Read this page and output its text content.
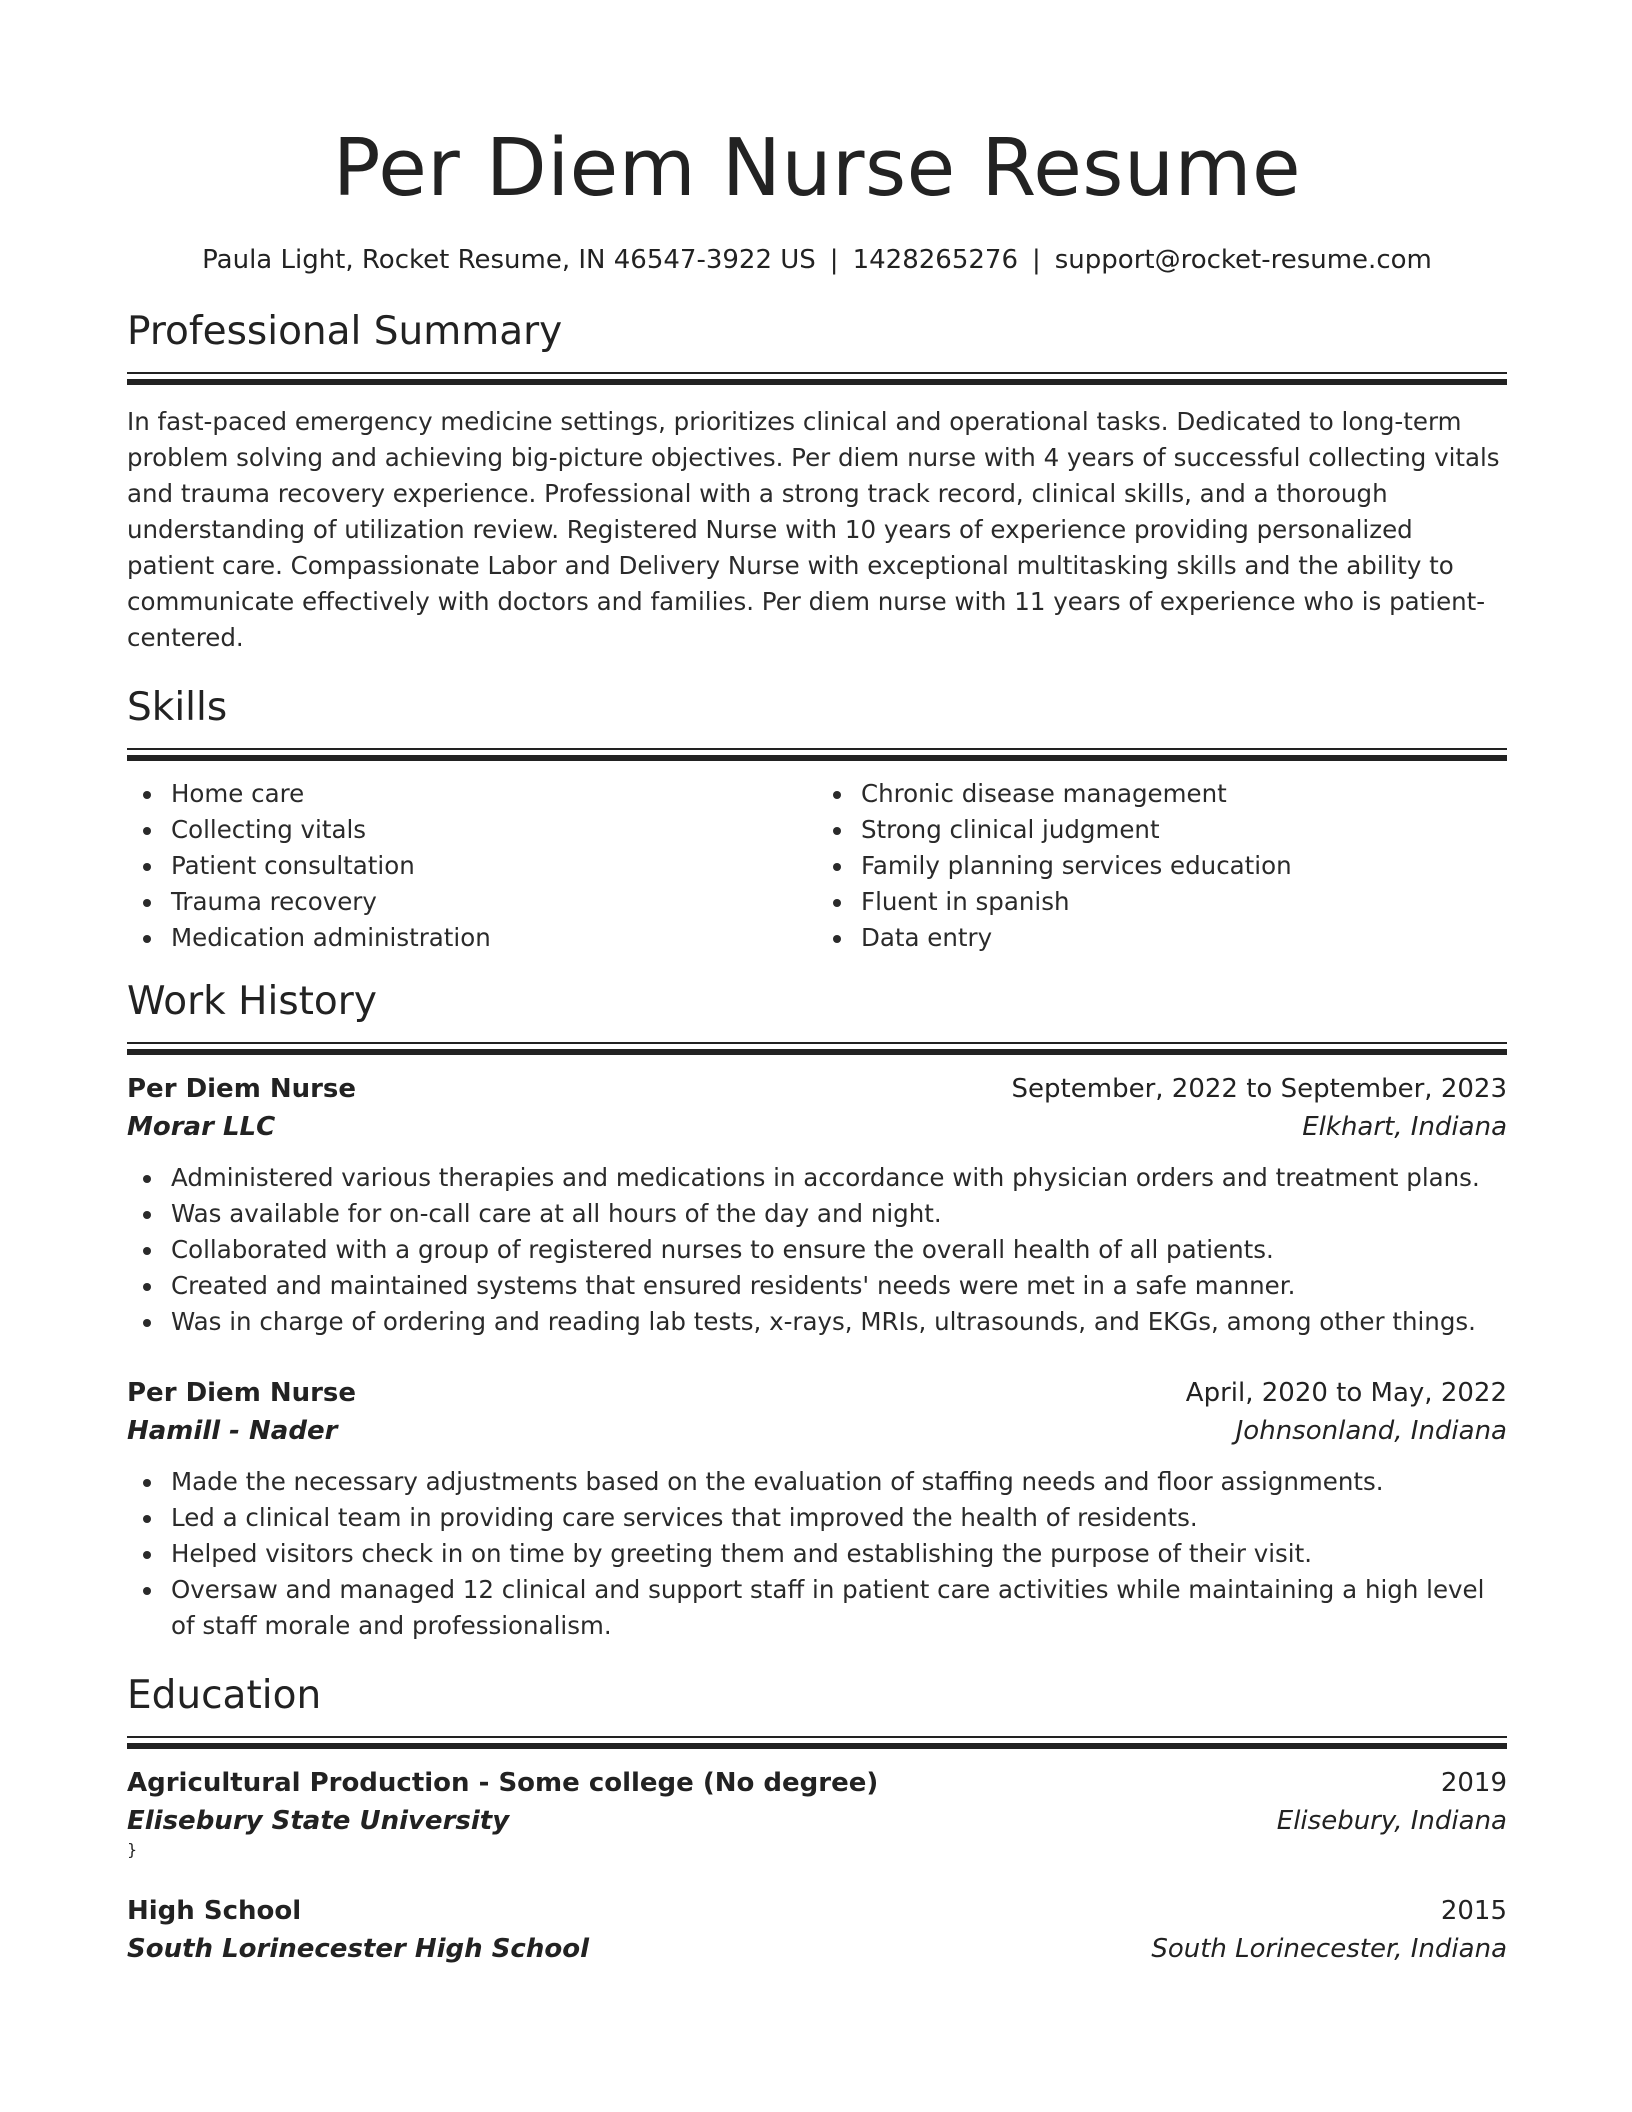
Per Diem Nurse Resume
Paula Light, Rocket Resume, IN 46547-3922 US | 1428265276 | support@rocket-resume.com
Professional Summary

In fast-paced emergency medicine settings, prioritizes clinical and operational tasks. Dedicated to long-term problem solving and achieving big-picture objectives. Per diem nurse with 4 years of successful collecting vitals and trauma recovery experience. Professional with a strong track record, clinical skills, and a thorough understanding of utilization review. Registered Nurse with 10 years of experience providing personalized patient care. Compassionate Labor and Delivery Nurse with exceptional multitasking skills and the ability to communicate effectively with doctors and families. Per diem nurse with 11 years of experience who is patient-centered.

Skills
Home care
Collecting vitals
Patient consultation
Trauma recovery
Medication administration
Chronic disease management
Strong clinical judgment
Family planning services education
Fluent in spanish
Data entry
Work History
Per Diem Nurse	September, 2022 to September, 2023
Morar LLC	Elkhart, Indiana
Administered various therapies and medications in accordance with physician orders and treatment plans.
Was available for on-call care at all hours of the day and night.
Collaborated with a group of registered nurses to ensure the overall health of all patients.
Created and maintained systems that ensured residents' needs were met in a safe manner.
Was in charge of ordering and reading lab tests, x-rays, MRIs, ultrasounds, and EKGs, among other things.
Per Diem Nurse	April, 2020 to May, 2022
Hamill - Nader	Johnsonland, Indiana
Made the necessary adjustments based on the evaluation of staffing needs and floor assignments.
Led a clinical team in providing care services that improved the health of residents.
Helped visitors check in on time by greeting them and establishing the purpose of their visit.
Oversaw and managed 12 clinical and support staff in patient care activities while maintaining a high level of staff morale and professionalism.
Education
Agricultural Production - Some college (No degree)	2019
Elisebury State University	Elisebury, Indiana
}
High School	2015
South Lorinecester High School	South Lorinecester, Indiana
